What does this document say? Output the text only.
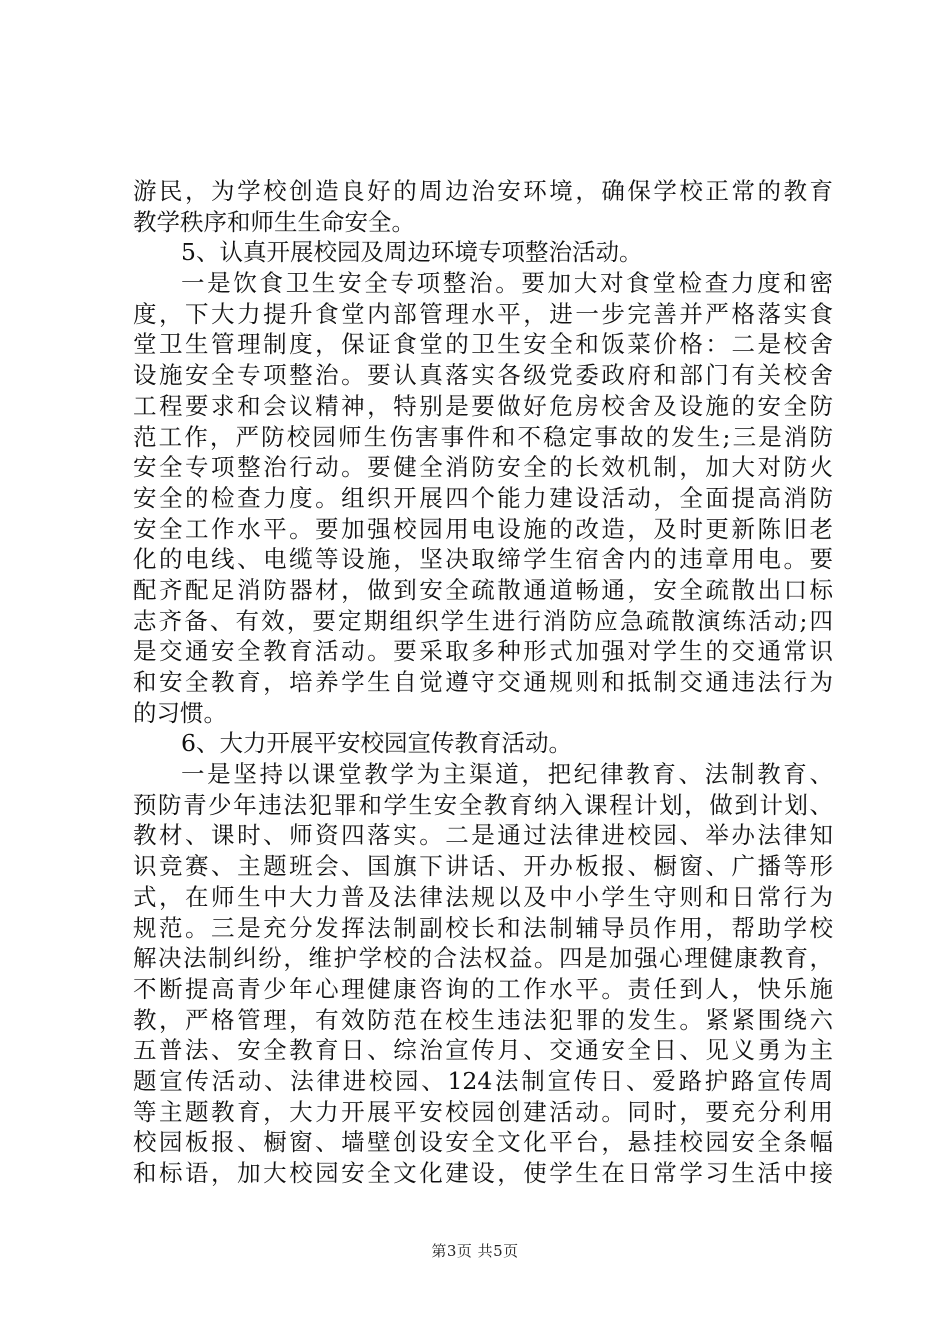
游民，为学校创造良好的周边治安环境，确保学校正常的教育
教学秩序和师生生命安全。
5、认真开展校园及周边环境专项整治活动。
一是饮食卫生安全专项整治。要加大对食堂检查力度和密
度，下大力提升食堂内部管理水平，进一步完善并严格落实食
堂卫生管理制度，保证食堂的卫生安全和饭菜价格：二是校舍
设施安全专项整治。要认真落实各级党委政府和部门有关校舍
工程要求和会议精神，特别是要做好危房校舍及设施的安全防
范工作，严防校园师生伤害事件和不稳定事故的发生;三是消防
安全专项整治行动。要健全消防安全的长效机制，加大对防火
安全的检查力度。组织开展四个能力建设活动，全面提高消防
安全工作水平。要加强校园用电设施的改造，及时更新陈旧老
化的电线、电缆等设施，坚决取缔学生宿舍内的违章用电。要
配齐配足消防器材，做到安全疏散通道畅通，安全疏散出口标
志齐备、有效，要定期组织学生进行消防应急疏散演练活动;四
是交通安全教育活动。要采取多种形式加强对学生的交通常识
和安全教育，培养学生自觉遵守交通规则和抵制交通违法行为
的习惯。
6、大力开展平安校园宣传教育活动。
一是坚持以课堂教学为主渠道，把纪律教育、法制教育、
预防青少年违法犯罪和学生安全教育纳入课程计划，做到计划、
教材、课时、师资四落实。二是通过法律进校园、举办法律知
识竞赛、主题班会、国旗下讲话、开办板报、橱窗、广播等形
式，在师生中大力普及法律法规以及中小学生守则和日常行为
规范。三是充分发挥法制副校长和法制辅导员作用，帮助学校
解决法制纠纷，维护学校的合法权益。四是加强心理健康教育，
不断提高青少年心理健康咨询的工作水平。责任到人，快乐施
教，严格管理，有效防范在校生违法犯罪的发生。紧紧围绕六
五普法、安全教育日、综治宣传月、交通安全日、见义勇为主
题宣传活动、法律进校园、124法制宣传日、爱路护路宣传周
等主题教育，大力开展平安校园创建活动。同时，要充分利用
校园板报、橱窗、墙壁创设安全文化平台，悬挂校园安全条幅
和标语，加大校园安全文化建设，使学生在日常学习生活中接
第3页 共5页
